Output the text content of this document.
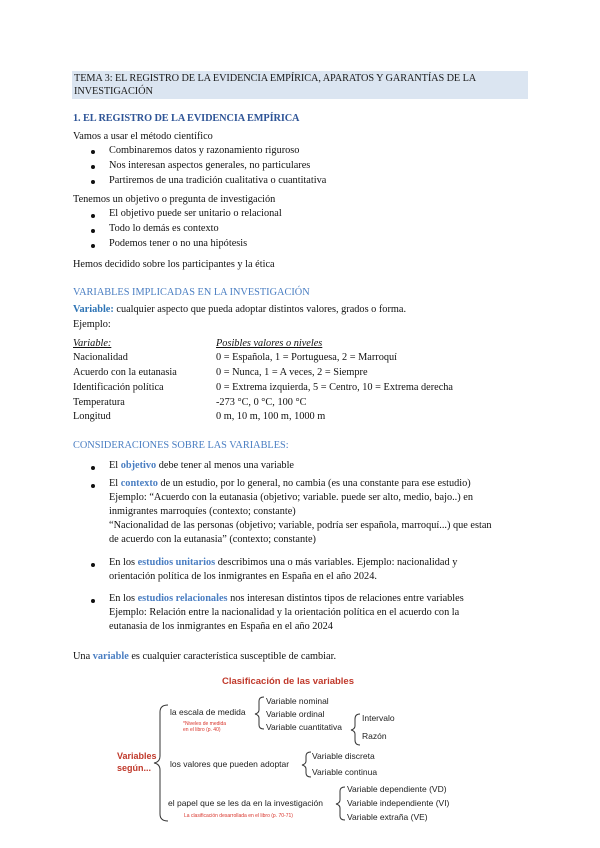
TEMA 3: EL REGISTRO DE LA EVIDENCIA EMPÍRICA, APARATOS Y GARANTÍAS DE LA INVESTIGACIÓN
1. EL REGISTRO DE LA EVIDENCIA EMPÍRICA
Vamos a usar el método científico
Combinaremos datos y razonamiento riguroso
Nos interesan aspectos generales, no particulares
Partiremos de una tradición cualitativa o cuantitativa
Tenemos un objetivo o pregunta de investigación
El objetivo puede ser unitario o relacional
Todo lo demás es contexto
Podemos tener o no una hipótesis
Hemos decidido sobre los participantes y la ética
VARIABLES IMPLICADAS EN LA INVESTIGACIÓN
Variable: cualquier aspecto que pueda adoptar distintos valores, grados o forma.
Ejemplo:
Variable:	Posibles valores o niveles
Nacionalidad	0 = Española, 1 = Portuguesa, 2 = Marroquí
Acuerdo con la eutanasia	0 = Nunca, 1 = A veces, 2 = Siempre
Identificación política	0 = Extrema izquierda, 5 = Centro, 10 = Extrema derecha
Temperatura	-273 °C, 0 °C, 100 °C
Longitud	0 m, 10 m, 100 m, 1000 m
CONSIDERACIONES SOBRE LAS VARIABLES:
El objetivo debe tener al menos una variable
El contexto de un estudio, por lo general, no cambia (es una constante para ese estudio)
Ejemplo: “Acuerdo con la eutanasia (objetivo; variable. puede ser alto, medio, bajo..) en
inmigrantes marroquíes (contexto; constante)
“Nacionalidad de las personas (objetivo; variable, podría ser española, marroquí...) que estan
de acuerdo con la eutanasia” (contexto; constante)
En los estudios unitarios describimos una o más variables. Ejemplo: nacionalidad y
orientación política de los inmigrantes en España en el año 2024.
En los estudios relacionales nos interesan distintos tipos de relaciones entre variables
Ejemplo: Relación entre la nacionalidad y la orientación política en el acuerdo con la
eutanasia de los inmigrantes en España en el año 2024
Una variable es cualquier característica susceptible de cambiar.
Clasificación de las variables
Variables
según...
la escala de medida
*Niveles de medida
en el libro (p. 40)
Variable nominal
Variable ordinal
Variable cuantitativa
Intervalo
Razón
los valores que pueden adoptar
Variable discreta
Variable continua
el papel que se les da en la investigación
La clasificación desarrollada en el libro (p. 70-71)
Variable dependiente (VD)
Variable independiente (VI)
Variable extraña (VE)
